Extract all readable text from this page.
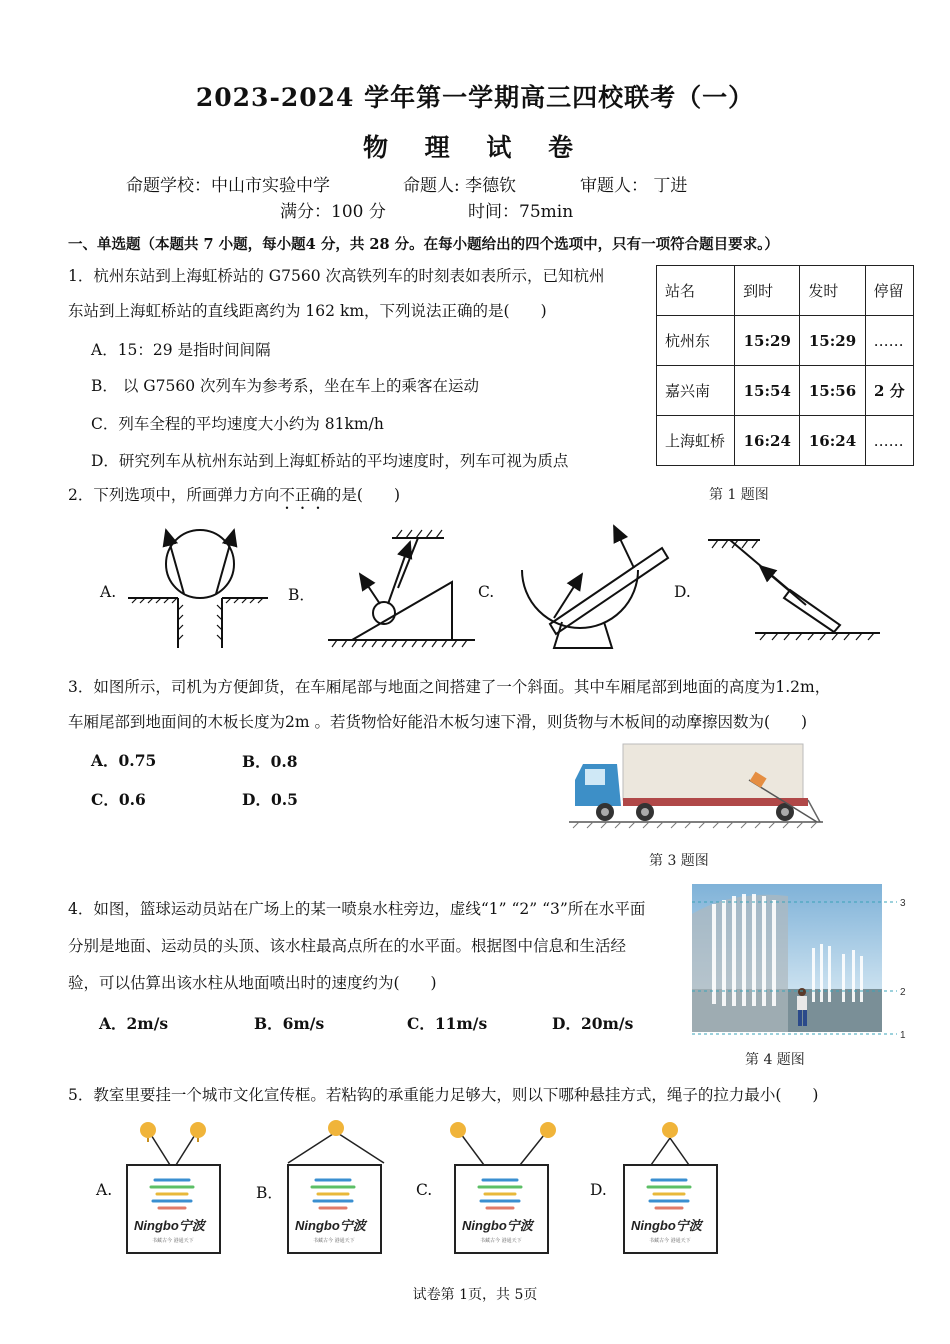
2023-2024 学年第一学期高三四校联考（一）
物 理 试 卷
命题学校：中山市实验中学	命题人: 李德钦	审题人： 丁进
满分：100 分	时间：75min
一、单选题（本题共 7 小题，每小题4 分，共 28 分。在每小题给出的四个选项中，只有一项符合题目要求。）
1．杭州东站到上海虹桥站的 G7560 次高铁列车的时刻表如表所示，已知杭州
东站到上海虹桥站的直线距离约为 162 km，下列说法正确的是(　　)
A．15：29 是指时间间隔
B． 以 G7560 次列车为参考系，坐在车上的乘客在运动
C．列车全程的平均速度大小约为 81km/h
D．研究列车从杭州东站到上海虹桥站的平均速度时，列车可视为质点
站名	到时	发时	停留
杭州东	15:29	15:29	……
嘉兴南	15:54	15:56	2 分
上海虹桥	16:24	16:24	……
第 1 题图
2．下列选项中，所画弹力方向不正确的是(　　)
A.	B．	C.	D.
3．如图所示，司机为方便卸货，在车厢尾部与地面之间搭建了一个斜面。其中车厢尾部到地面的高度为1.2m，
车厢尾部到地面间的木板长度为2m 。若货物恰好能沿木板匀速下滑，则货物与木板间的动摩擦因数为(　　)
A．0.75	B．0.8
C．0.6	D．0.5
第 3 题图
4．如图，篮球运动员站在广场上的某一喷泉水柱旁边，虚线“1” “2” “3”所在水平面
分别是地面、运动员的头顶、该水柱最高点所在的水平面。根据图中信息和生活经
验，可以估算出该水柱从地面喷出时的速度约为(　　)
A．2m/s	B．6m/s	C．11m/s	D．20m/s
3
2
1
第 4 题图
5．教室里要挂一个城市文化宣传框。若粘钩的承重能力足够大，则以下哪种悬挂方式，绳子的拉力最小(　　)
A.	B．	C.	D.
Ningbo宁波	Ningbo宁波	Ningbo宁波	Ningbo宁波
书藏古今 港通天下	书藏古今 港通天下	书藏古今 港通天下	书藏古今 港通天下
试卷第 1页，共 5页
